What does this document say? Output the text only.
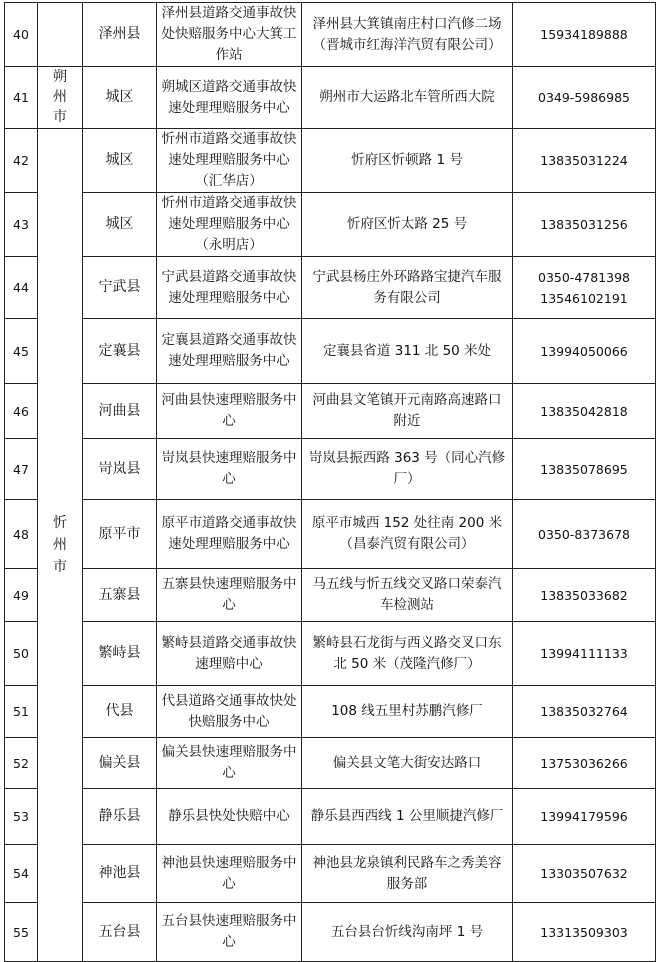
40		泽州县	泽州县道路交通事故快处快赔服务中心大箕工作站	泽州县大箕镇南庄村口汽修二场（晋城市红海洋汽贸有限公司）	15934189888
41	朔州市	城区	朔城区道路交通事故快速处理理赔服务中心	朔州市大运路北车管所西大院	0349-5986985
42	忻州市	城区	忻州市道路交通事故快速处理理赔服务中心（汇华店）	忻府区忻顿路 1 号	13835031224
43		城区	忻州市道路交通事故快速处理理赔服务中心（永明店）	忻府区忻太路 25 号	13835031256
44		宁武县	宁武县道路交通事故快速处理理赔服务中心	宁武县杨庄外环路路宝捷汽车服务有限公司	0350-4781398 13546102191
45		定襄县	定襄县道路交通事故快速处理理赔服务中心	定襄县省道 311 北 50 米处	13994050066
46		河曲县	河曲县快速理赔服务中心	河曲县文笔镇开元南路高速路口附近	13835042818
47		岢岚县	岢岚县快速理赔服务中心	岢岚县振西路 363 号（同心汽修厂）	13835078695
48		原平市	原平市道路交通事故快速处理理赔服务中心	原平市城西 152 处往南 200 米（昌泰汽贸有限公司）	0350-8373678
49		五寨县	五寨县快速理赔服务中心	马五线与忻五线交叉路口荣泰汽车检测站	13835033682
50		繁峙县	繁峙县道路交通事故快速理赔中心	繁峙县石龙街与西义路交叉口东北 50 米（茂隆汽修厂）	13994111133
51		代县	代县道路交通事故快处快赔服务中心	108 线五里村苏鹏汽修厂	13835032764
52		偏关县	偏关县快速理赔服务中心	偏关县文笔大街安达路口	13753036266
53		静乐县	静乐县快处快赔中心	静乐县西西线 1 公里顺捷汽修厂	13994179596
54		神池县	神池县快速理赔服务中心	神池县龙泉镇利民路车之秀美容服务部	13303507632
55		五台县	五台县快速理赔服务中心	五台县台忻线沟南坪 1 号	13313509303
